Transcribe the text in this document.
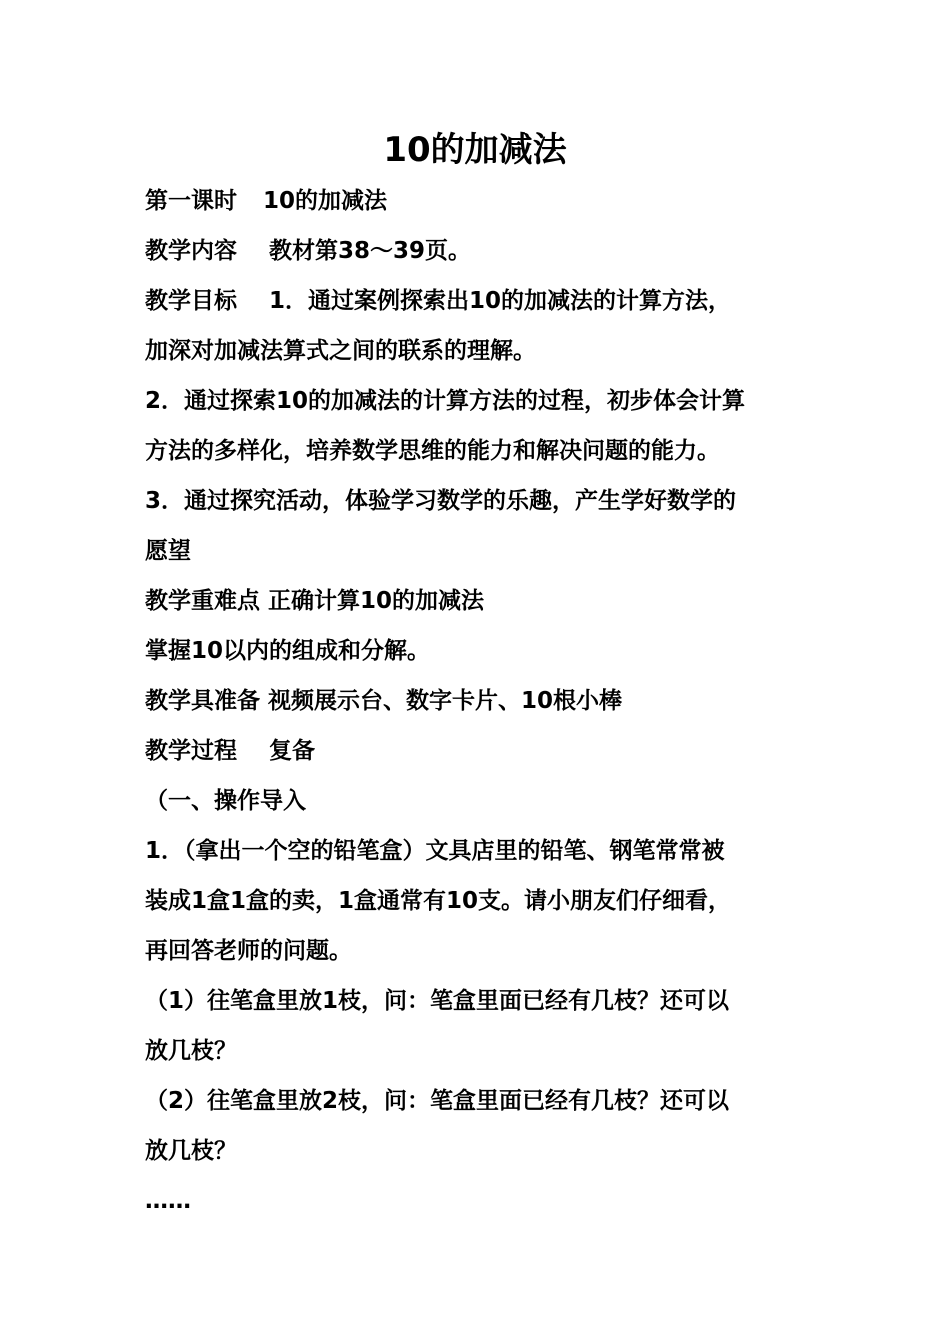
10的加减法

第一课时 10的加减法

教学内容 教材第38～39页。

教学目标 1．通过案例探索出10的加减法的计算方法，

加深对加减法算式之间的联系的理解。

2．通过探索10的加减法的计算方法的过程，初步体会计算

方法的多样化，培养数学思维的能力和解决问题的能力。

3．通过探究活动，体验学习数学的乐趣，产生学好数学的

愿望

教学重难点 正确计算10的加减法

掌握10以内的组成和分解。

教学具准备 视频展示台、数字卡片、10根小棒

教学过程 复备

（一、操作导入

1．（拿出一个空的铅笔盒）文具店里的铅笔、钢笔常常被

装成1盒1盒的卖，1盒通常有10支。请小朋友们仔细看，

再回答老师的问题。

（1）往笔盒里放1枝，问：笔盒里面已经有几枝？还可以

放几枝？

（2）往笔盒里放2枝，问：笔盒里面已经有几枝？还可以

放几枝？

……
